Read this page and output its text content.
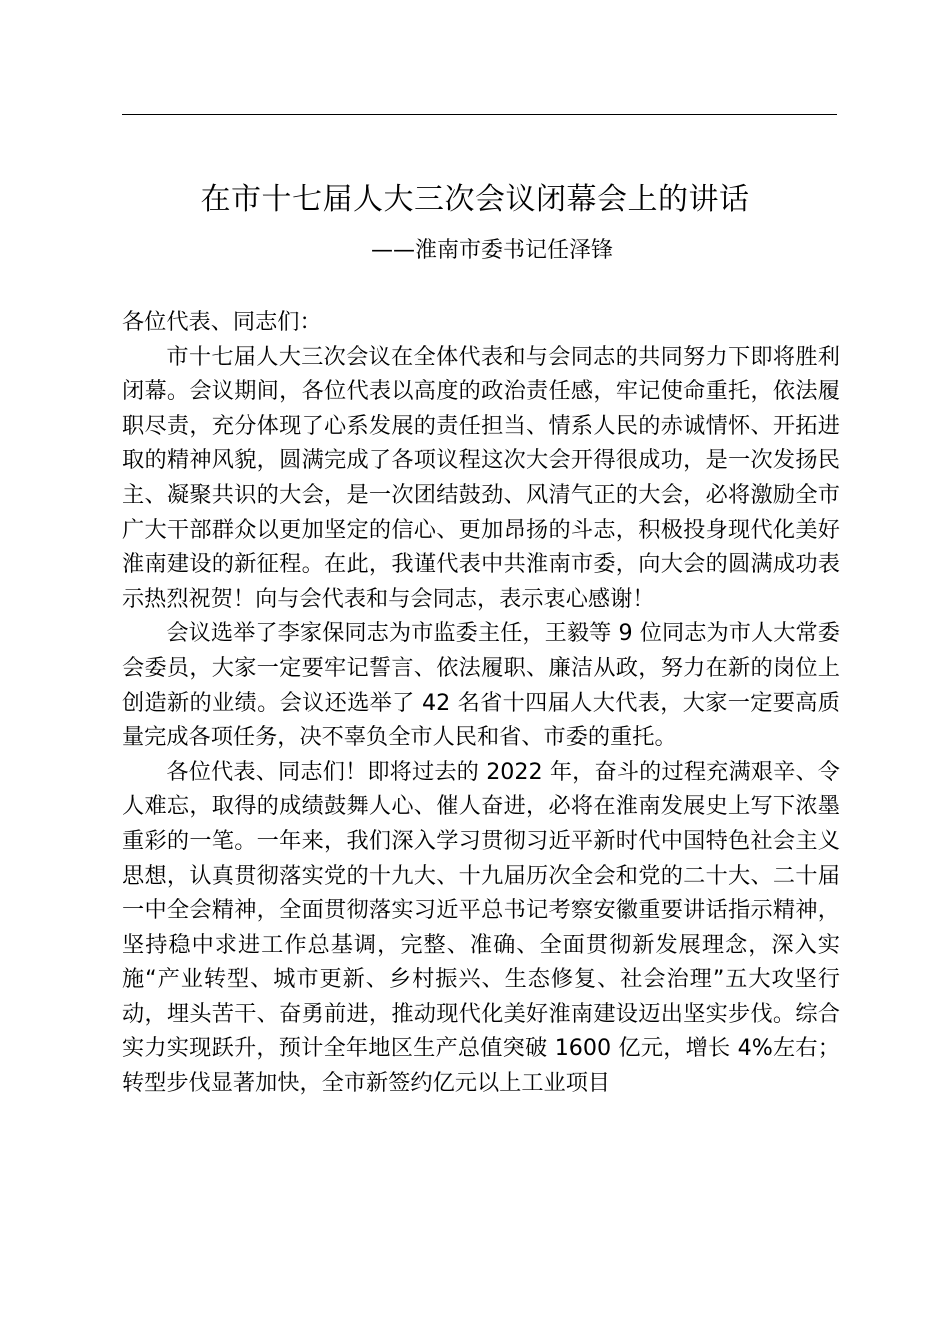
在市十七届人大三次会议闭幕会上的讲话
——淮南市委书记任泽锋

各位代表、同志们：

市十七届人大三次会议在全体代表和与会同志的共同努力下即将胜利闭幕。会议期间，各位代表以高度的政治责任感，牢记使命重托，依法履职尽责，充分体现了心系发展的责任担当、情系人民的赤诚情怀、开拓进取的精神风貌，圆满完成了各项议程这次大会开得很成功，是一次发扬民主、凝聚共识的大会，是一次团结鼓劲、风清气正的大会，必将激励全市广大干部群众以更加坚定的信心、更加昂扬的斗志，积极投身现代化美好淮南建设的新征程。在此，我谨代表中共淮南市委，向大会的圆满成功表示热烈祝贺！向与会代表和与会同志，表示衷心感谢！

会议选举了李家保同志为市监委主任，王毅等 9 位同志为市人大常委会委员，大家一定要牢记誓言、依法履职、廉洁从政，努力在新的岗位上创造新的业绩。会议还选举了 42 名省十四届人大代表，大家一定要高质量完成各项任务，决不辜负全市人民和省、市委的重托。

各位代表、同志们！即将过去的 2022 年，奋斗的过程充满艰辛、令人难忘，取得的成绩鼓舞人心、催人奋进，必将在淮南发展史上写下浓墨重彩的一笔。一年来，我们深入学习贯彻习近平新时代中国特色社会主义思想，认真贯彻落实党的十九大、十九届历次全会和党的二十大、二十届一中全会精神，全面贯彻落实习近平总书记考察安徽重要讲话指示精神，坚持稳中求进工作总基调，完整、准确、全面贯彻新发展理念，深入实施“产业转型、城市更新、乡村振兴、生态修复、社会治理”五大攻坚行动，埋头苦干、奋勇前进，推动现代化美好淮南建设迈出坚实步伐。综合实力实现跃升，预计全年地区生产总值突破 1600 亿元，增长 4%左右；转型步伐显著加快，全市新签约亿元以上工业项目
